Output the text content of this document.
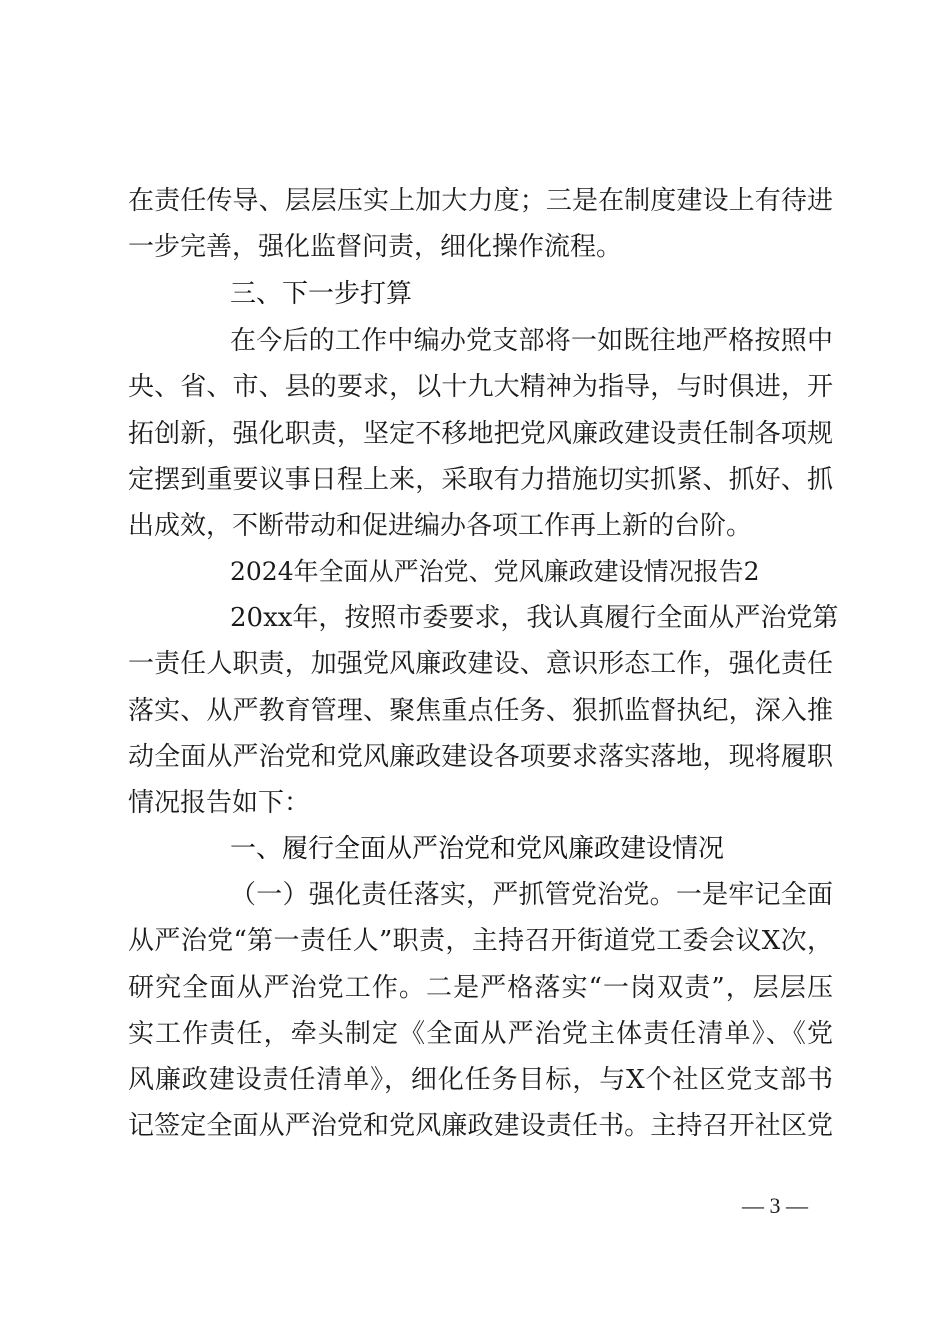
在责任传导、层层压实上加大力度；三是在制度建设上有待进
一步完善，强化监督问责，细化操作流程。
三、下一步打算
在今后的工作中编办党支部将一如既往地严格按照中
央、省、市、县的要求，以十九大精神为指导，与时俱进，开
拓创新，强化职责，坚定不移地把党风廉政建设责任制各项规
定摆到重要议事日程上来，采取有力措施切实抓紧、抓好、抓
出成效，不断带动和促进编办各项工作再上新的台阶。
2024年全面从严治党、党风廉政建设情况报告2
20xx年，按照市委要求，我认真履行全面从严治党第
一责任人职责，加强党风廉政建设、意识形态工作，强化责任
落实、从严教育管理、聚焦重点任务、狠抓监督执纪，深入推
动全面从严治党和党风廉政建设各项要求落实落地，现将履职
情况报告如下：
一、履行全面从严治党和党风廉政建设情况
（一）强化责任落实，严抓管党治党。一是牢记全面
从严治党“第一责任人”职责，主持召开街道党工委会议X次，
研究全面从严治党工作。二是严格落实“一岗双责”，层层压
实工作责任，牵头制定《全面从严治党主体责任清单》、《党
风廉政建设责任清单》，细化任务目标，与X个社区党支部书
记签定全面从严治党和党风廉政建设责任书。主持召开社区党
— 3 —
